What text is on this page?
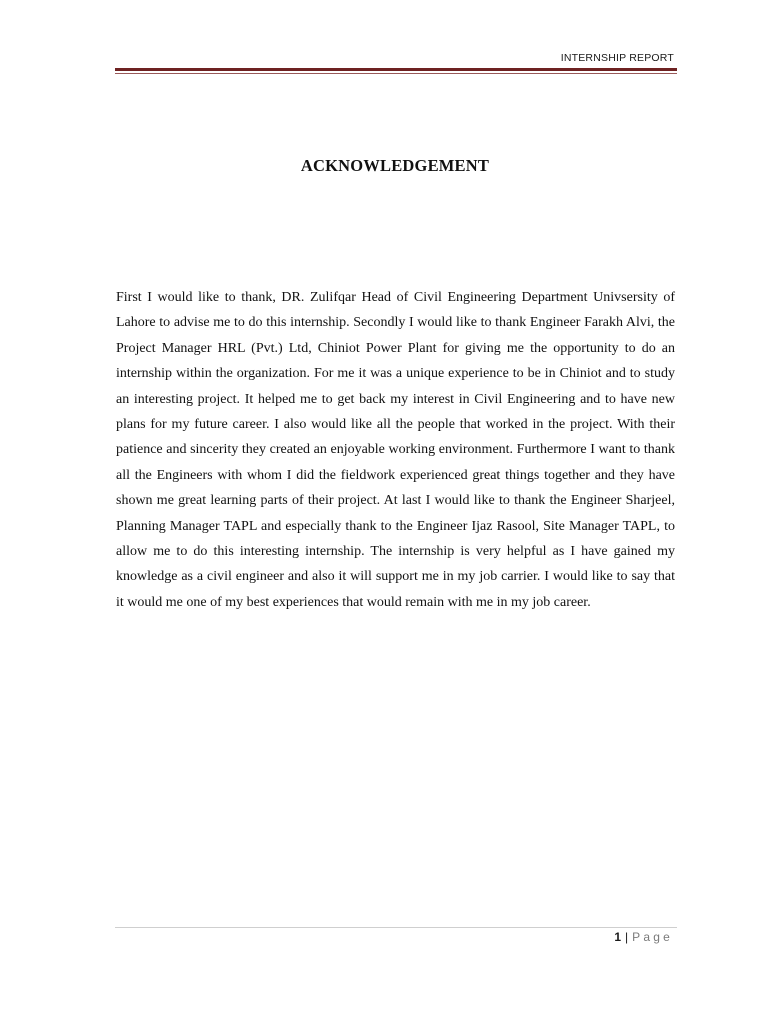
INTERNSHIP REPORT
ACKNOWLEDGEMENT

First I would like to thank, DR. Zulifqar Head of Civil Engineering Department Univsersity of Lahore to advise me to do this internship. Secondly I would like to thank Engineer Farakh Alvi, the Project Manager HRL (Pvt.) Ltd, Chiniot Power Plant for giving me the opportunity to do an internship within the organization. For me it was a unique experience to be in Chiniot and to study an interesting project. It helped me to get back my interest in Civil Engineering and to have new plans for my future career. I also would like all the people that worked in the project. With their patience and sincerity they created an enjoyable working environment. Furthermore I want to thank all the Engineers with whom I did the fieldwork experienced great things together and they have shown me great learning parts of their project. At last I would like to thank the Engineer Sharjeel, Planning Manager TAPL and especially thank to the Engineer Ijaz Rasool, Site Manager TAPL, to allow me to do this interesting internship. The internship is very helpful as I have gained my knowledge as a civil engineer and also it will support me in my job carrier. I would like to say that it would me one of my best experiences that would remain with me in my job career.

1 | Page
